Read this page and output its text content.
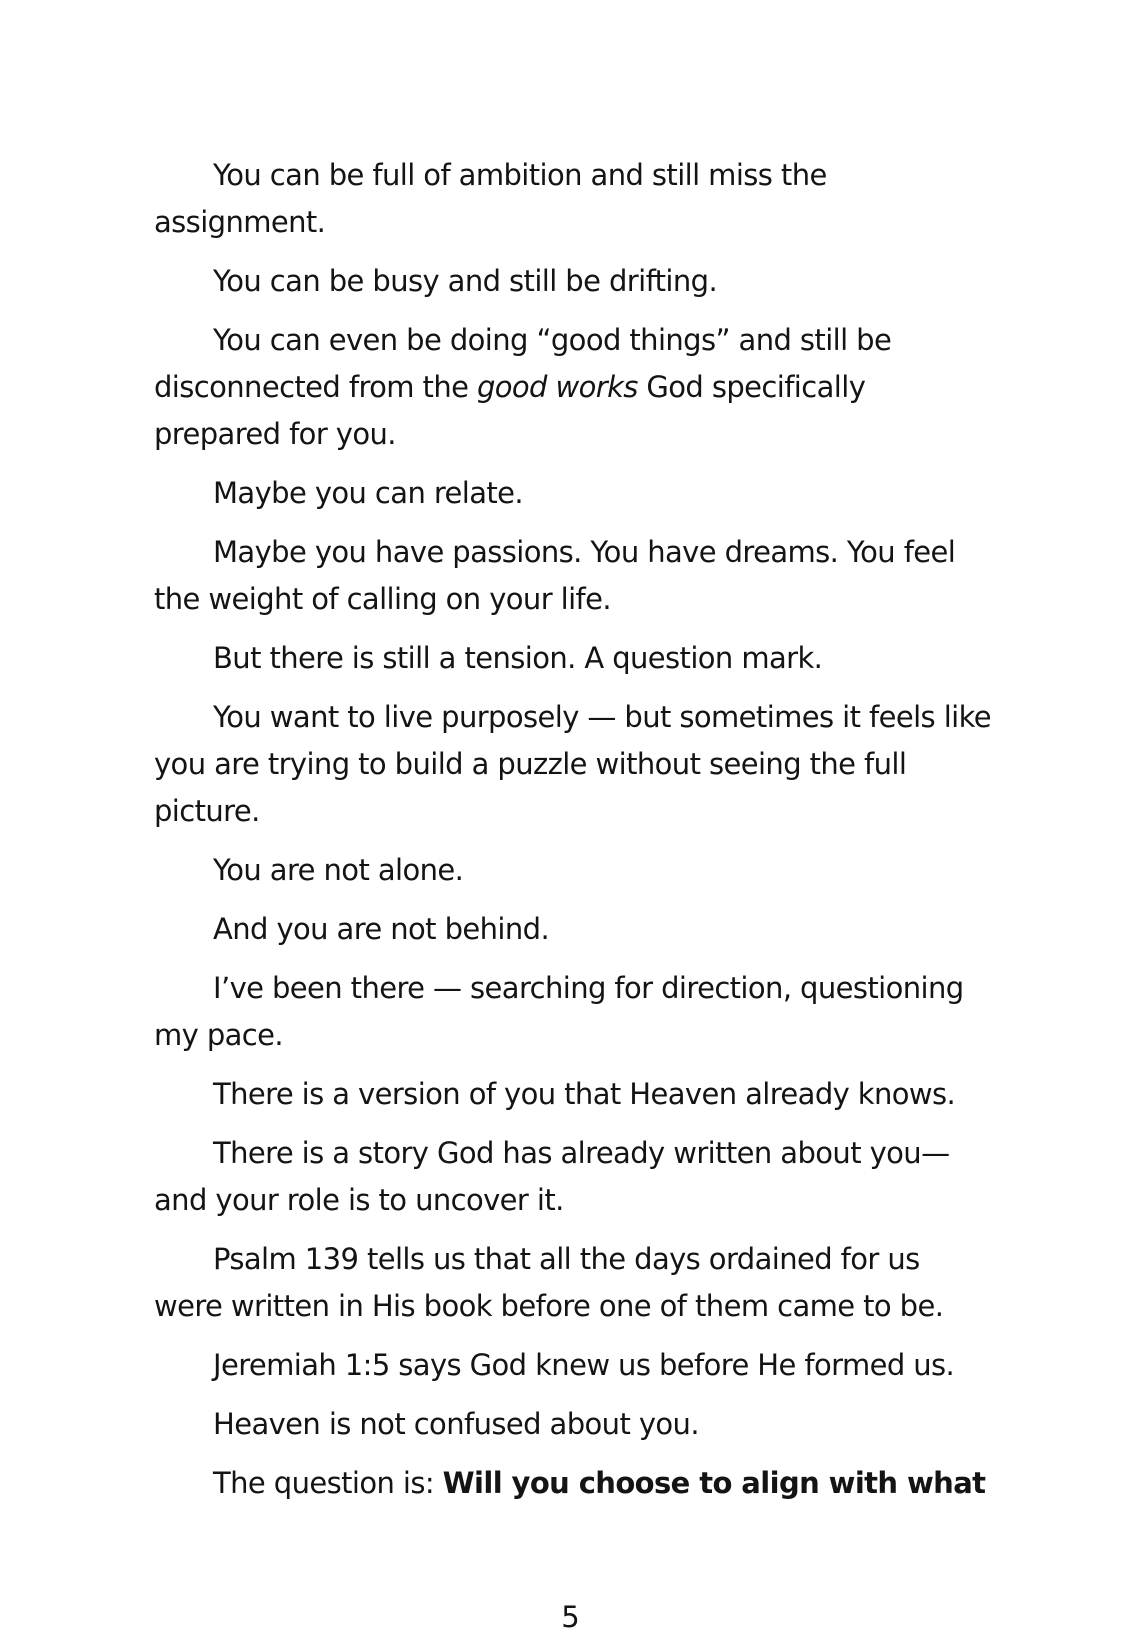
You can be full of ambition and still miss the assignment.

You can be busy and still be drifting.

You can even be doing “good things” and still be disconnected from the good works God specifically prepared for you.

Maybe you can relate.

Maybe you have passions. You have dreams. You feel the weight of calling on your life.

But there is still a tension. A question mark.

You want to live purposely — but sometimes it feels like you are trying to build a puzzle without seeing the full picture.

You are not alone.

And you are not behind.

I’ve been there — searching for direction, questioning my pace.

There is a version of you that Heaven already knows.

There is a story God has already written about you— and your role is to uncover it.

Psalm 139 tells us that all the days ordained for us were written in His book before one of them came to be.

Jeremiah 1:5 says God knew us before He formed us.

Heaven is not confused about you.

The question is: Will you choose to align with what

5
